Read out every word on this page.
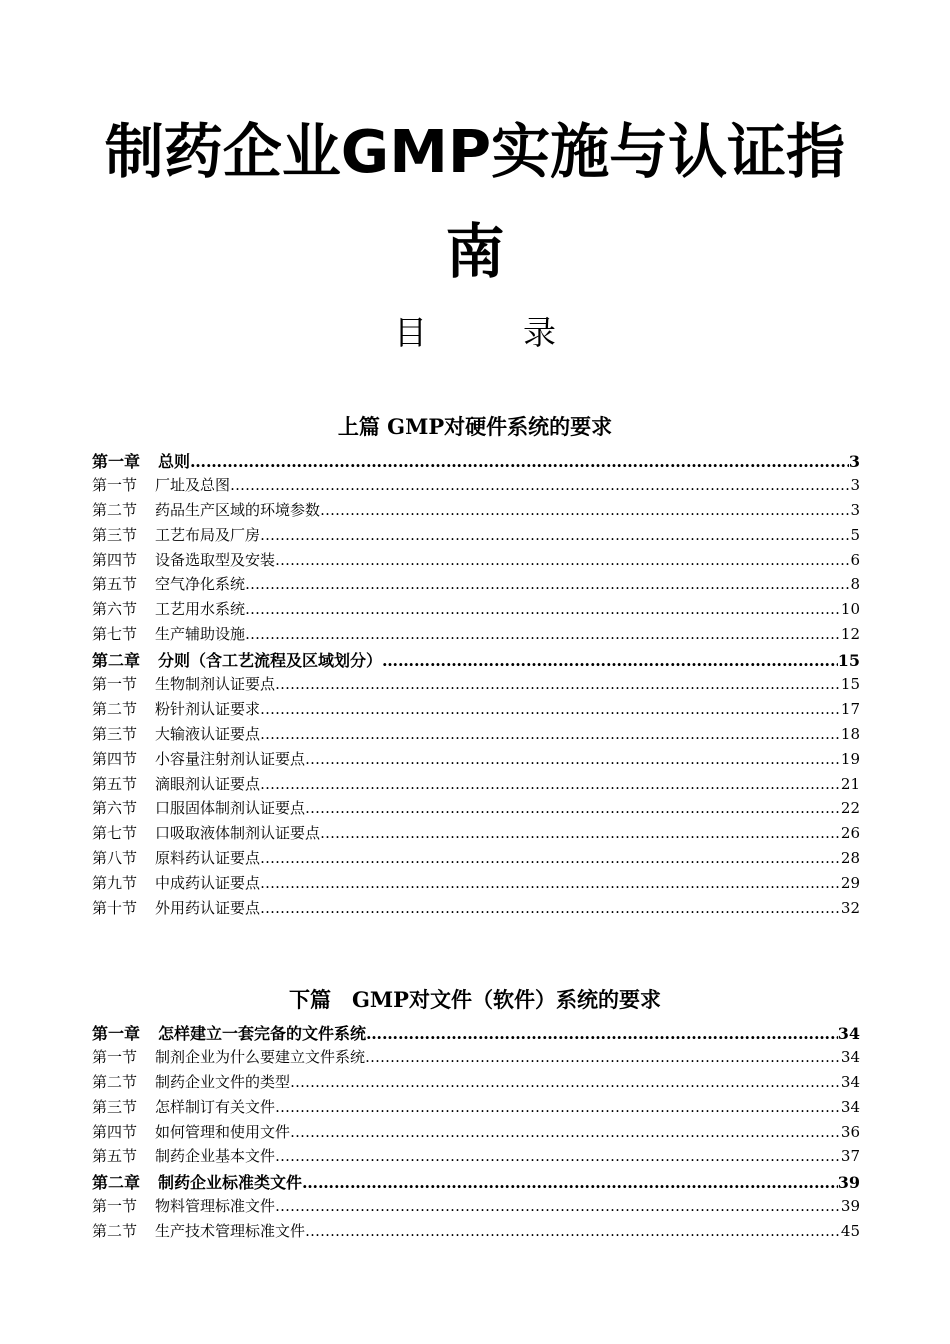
制药企业GMP实施与认证指
南
目	录
上篇 GMP对硬件系统的要求
第一章 总则 ……………………………………………………………………………………………………………………………………………………………………………………………………………………	3
第一节 厂址及总图 ……………………………………………………………………………………………………………………………………………………………………………………………………………………	3
第二节 药品生产区域的环境参数 ……………………………………………………………………………………………………………………………………………………………………………………………………………………	3
第三节 工艺布局及厂房 ……………………………………………………………………………………………………………………………………………………………………………………………………………………	5
第四节 设备选取型及安装 ……………………………………………………………………………………………………………………………………………………………………………………………………………………	6
第五节 空气净化系统 ……………………………………………………………………………………………………………………………………………………………………………………………………………………	8
第六节 工艺用水系统 ……………………………………………………………………………………………………………………………………………………………………………………………………………………	10
第七节 生产辅助设施 ……………………………………………………………………………………………………………………………………………………………………………………………………………………	12
第二章 分则（含工艺流程及区域划分） ……………………………………………………………………………………………………………………………………………………………………………………………………………………	15
第一节 生物制剂认证要点 ……………………………………………………………………………………………………………………………………………………………………………………………………………………	15
第二节 粉针剂认证要求 ……………………………………………………………………………………………………………………………………………………………………………………………………………………	17
第三节 大输液认证要点 ……………………………………………………………………………………………………………………………………………………………………………………………………………………	18
第四节 小容量注射剂认证要点 ……………………………………………………………………………………………………………………………………………………………………………………………………………………	19
第五节 滴眼剂认证要点 ……………………………………………………………………………………………………………………………………………………………………………………………………………………	21
第六节 口服固体制剂认证要点 ……………………………………………………………………………………………………………………………………………………………………………………………………………………	22
第七节 口吸取液体制剂认证要点 ……………………………………………………………………………………………………………………………………………………………………………………………………………………	26
第八节 原料药认证要点 ……………………………………………………………………………………………………………………………………………………………………………………………………………………	28
第九节 中成药认证要点 ……………………………………………………………………………………………………………………………………………………………………………………………………………………	29
第十节 外用药认证要点 ……………………………………………………………………………………………………………………………………………………………………………………………………………………	32
下篇　GMP对文件（软件）系统的要求
第一章 怎样建立一套完备的文件系统 ……………………………………………………………………………………………………………………………………………………………………………………………………………………	34
第一节 制剂企业为什么要建立文件系统 ……………………………………………………………………………………………………………………………………………………………………………………………………………………	34
第二节 制药企业文件的类型 ……………………………………………………………………………………………………………………………………………………………………………………………………………………	34
第三节 怎样制订有关文件 ……………………………………………………………………………………………………………………………………………………………………………………………………………………	34
第四节 如何管理和使用文件 ……………………………………………………………………………………………………………………………………………………………………………………………………………………	36
第五节 制药企业基本文件 ……………………………………………………………………………………………………………………………………………………………………………………………………………………	37
第二章 制药企业标准类文件 ……………………………………………………………………………………………………………………………………………………………………………………………………………………	39
第一节 物料管理标准文件 ……………………………………………………………………………………………………………………………………………………………………………………………………………………	39
第二节 生产技术管理标准文件 ……………………………………………………………………………………………………………………………………………………………………………………………………………………	45
